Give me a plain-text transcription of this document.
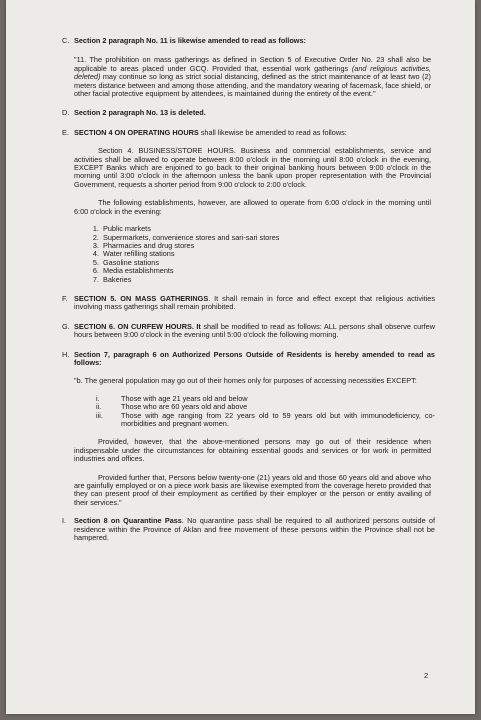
C. Section 2 paragraph No. 11 is likewise amended to read as follows:

"11. The prohibition on mass gatherings as defined in Section 5 of Executive Order No. 23 shall also be applicable to areas placed under GCQ. Provided that, essential work gatherings (and religious activities, deleted) may continue so long as strict social distancing, defined as the strict maintenance of at least two (2) meters distance between and among those attending, and the mandatory wearing of facemask, face shield, or other facial protective equipment by attendees, is maintained during the entirety of the event."

D. Section 2 paragraph No. 13 is deleted.
E. SECTION 4 ON OPERATING HOURS shall likewise be amended to read as follows:

Section 4. BUSINESS/STORE HOURS. Business and commercial establishments, service and activities shall be allowed to operate between 8:00 o'clock in the morning until 8:00 o'clock in the evening, EXCEPT Banks which are enjoined to go back to their original banking hours between 9:00 o'clock in the morning until 3:00 o'clock in the afternoon unless the bank upon proper representation with the Provincial Government, requests a shorter period from 9:00 o'clock to 2:00 o'clock.

The following establishments, however, are allowed to operate from 6:00 o'clock in the morning until 6:00 o'clock in the evening:

1. Public markets
2. Supermarkets, convenience stores and sari-sari stores
3. Pharmacies and drug stores
4. Water refilling stations
5. Gasoline stations
6. Media establishments
7. Bakeries
F. SECTION 5. ON MASS GATHERINGS. It shall remain in force and effect except that religious activities involving mass gatherings shall remain prohibited.
G. SECTION 6. ON CURFEW HOURS. It shall be modified to read as follows: ALL persons shall observe curfew hours between 9:00 o'clock in the evening until 5:00 o'clock the following morning.
H. Section 7, paragraph 6 on Authorized Persons Outside of Residents is hereby amended to read as follows:

"b. The general population may go out of their homes only for purposes of accessing necessities EXCEPT:

i.	Those with age 21 years old and below
ii.	Those who are 60 years old and above
iii.	Those with age ranging from 22 years old to 59 years old but with immunodeficiency, co-morbidities and pregnant women.

Provided, however, that the above-mentioned persons may go out of their residence when indispensable under the circumstances for obtaining essential goods and services or for work in permitted industries and offices.

Provided further that, Persons below twenty-one (21) years old and those 60 years old and above who are gainfully employed or on a piece work basis are likewise exempted from the coverage hereto provided that they can present proof of their employment as certified by their employer or the person or entity availing of their services."

I.	Section 8 on Quarantine Pass. No quarantine pass shall be required to all authorized persons outside of residence within the Province of Aklan and free movement of these persons within the Province shall not be hampered.
2
